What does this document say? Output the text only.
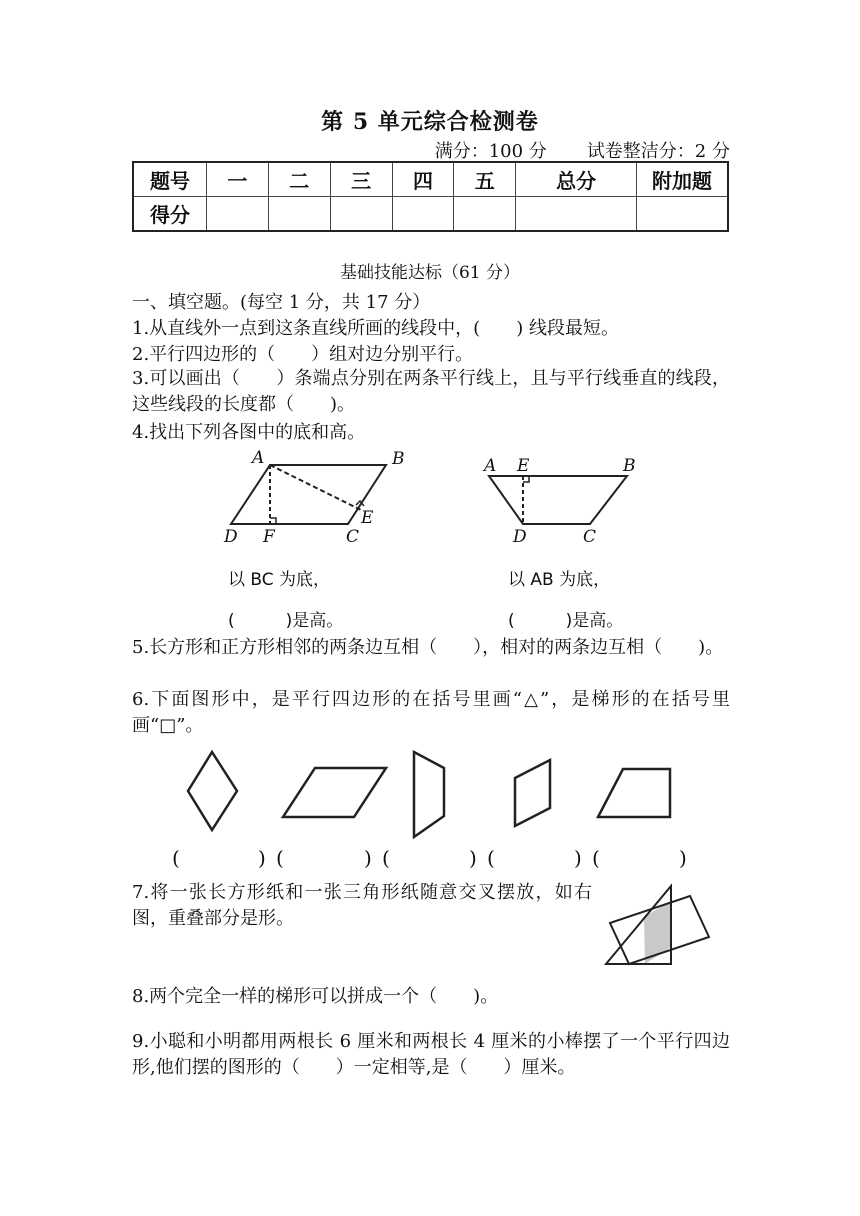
第 5 单元综合检测卷
满分：100 分 试卷整洁分：2 分
题号	一	二	三	四	五	总分	附加题
得分							
基础技能达标（61 分）
一、填空题。(每空 1 分，共 17 分）
1.从直线外一点到这条直线所画的线段中，(　　) 线段最短。
2.平行四边形的（　　）组对边分别平行。
3.可以画出（　　）条端点分别在两条平行线上，且与平行线垂直的线段，这些线段的长度都（　　)。
4.找出下列各图中的底和高。
A	B
D F	C
E
A E	B
D	C
以 BC 为底，	以 AB 为底，
(　　　)是高。	(　　　)是高。
5.长方形和正方形相邻的两条边互相（　　），相对的两条边互相（　　)。
6.下面图形中，是平行四边形的在括号里画“△”，是梯形的在括号里画“□”。
(	) (	) (	) (	) (	)
7.将一张长方形纸和一张三角形纸随意交叉摆放，如右图，重叠部分是形。
8.两个完全一样的梯形可以拼成一个（　　)。
9.小聪和小明都用两根长 6 厘米和两根长 4 厘米的小棒摆了一个平行四边形,他们摆的图形的（　　）一定相等,是（　　）厘米。
